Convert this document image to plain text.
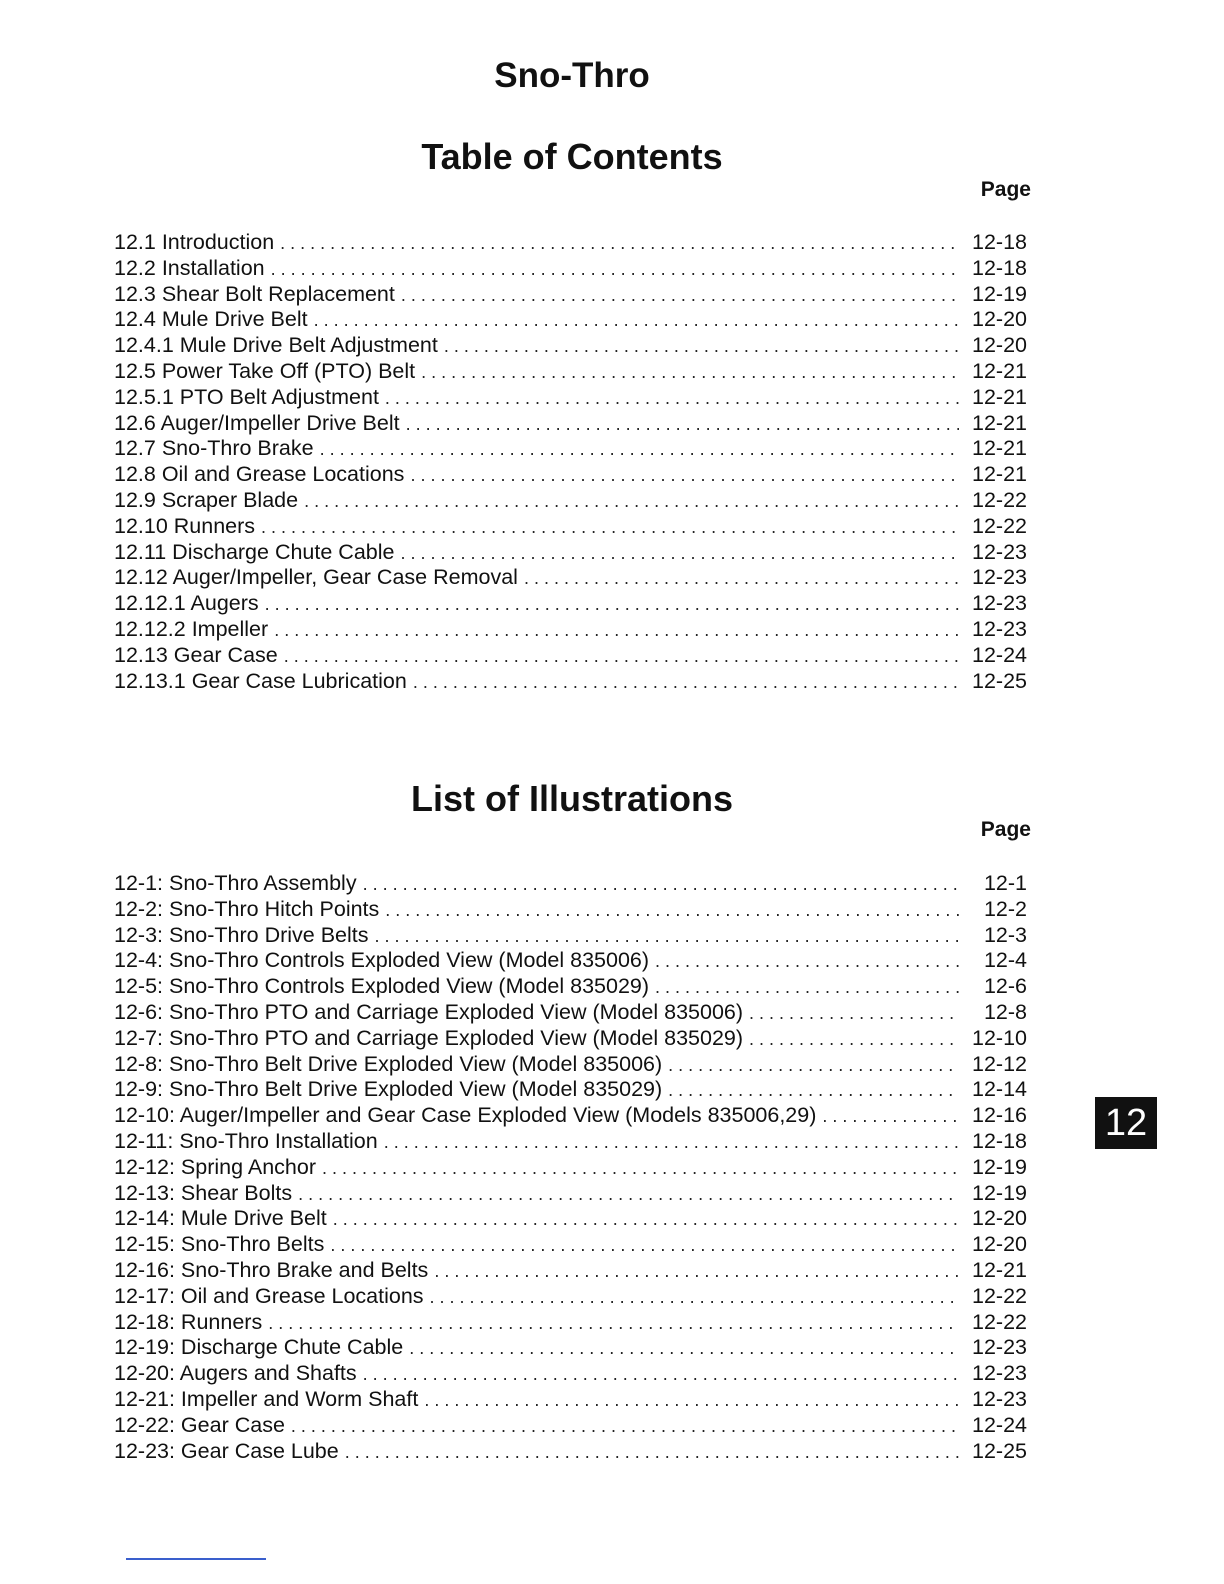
Sno-Thro
Table of Contents
Page
12.1 Introduction . . .	12-18
12.2 Installation . . .	12-18
12.3 Shear Bolt Replacement . . .	12-19
12.4 Mule Drive Belt . . .	12-20
12.4.1 Mule Drive Belt Adjustment . . .	12-20
12.5 Power Take Off (PTO) Belt . . .	12-21
12.5.1 PTO Belt Adjustment . . .	12-21
12.6 Auger/Impeller Drive Belt . . .	12-21
12.7 Sno-Thro Brake . . .	12-21
12.8 Oil and Grease Locations . . .	12-21
12.9 Scraper Blade . . .	12-22
12.10 Runners . . .	12-22
12.11 Discharge Chute Cable . . .	12-23
12.12 Auger/Impeller, Gear Case Removal . . .	12-23
12.12.1 Augers . . .	12-23
12.12.2 Impeller . . .	12-23
12.13 Gear Case . . .	12-24
12.13.1 Gear Case Lubrication . . .	12-25
List of Illustrations
Page
12-1: Sno-Thro Assembly . . .	12-1
12-2: Sno-Thro Hitch Points . . .	12-2
12-3: Sno-Thro Drive Belts . . .	12-3
12-4: Sno-Thro Controls Exploded View (Model 835006) . . .	12-4
12-5: Sno-Thro Controls Exploded View (Model 835029) . . .	12-6
12-6: Sno-Thro PTO and Carriage Exploded View (Model 835006) . . .	12-8
12-7: Sno-Thro PTO and Carriage Exploded View (Model 835029) . . .	12-10
12-8: Sno-Thro Belt Drive Exploded View (Model 835006) . . .	12-12
12-9: Sno-Thro Belt Drive Exploded View (Model 835029) . . .	12-14
12-10: Auger/Impeller and Gear Case Exploded View (Models 835006,29) . . .	12-16
12-11: Sno-Thro Installation . . .	12-18
12-12: Spring Anchor . . .	12-19
12-13: Shear Bolts . . .	12-19
12-14: Mule Drive Belt . . .	12-20
12-15: Sno-Thro Belts . . .	12-20
12-16: Sno-Thro Brake and Belts . . .	12-21
12-17: Oil and Grease Locations . . .	12-22
12-18: Runners . . .	12-22
12-19: Discharge Chute Cable . . .	12-23
12-20: Augers and Shafts . . .	12-23
12-21: Impeller and Worm Shaft . . .	12-23
12-22: Gear Case . . .	12-24
12-23: Gear Case Lube . . .	12-25
12
